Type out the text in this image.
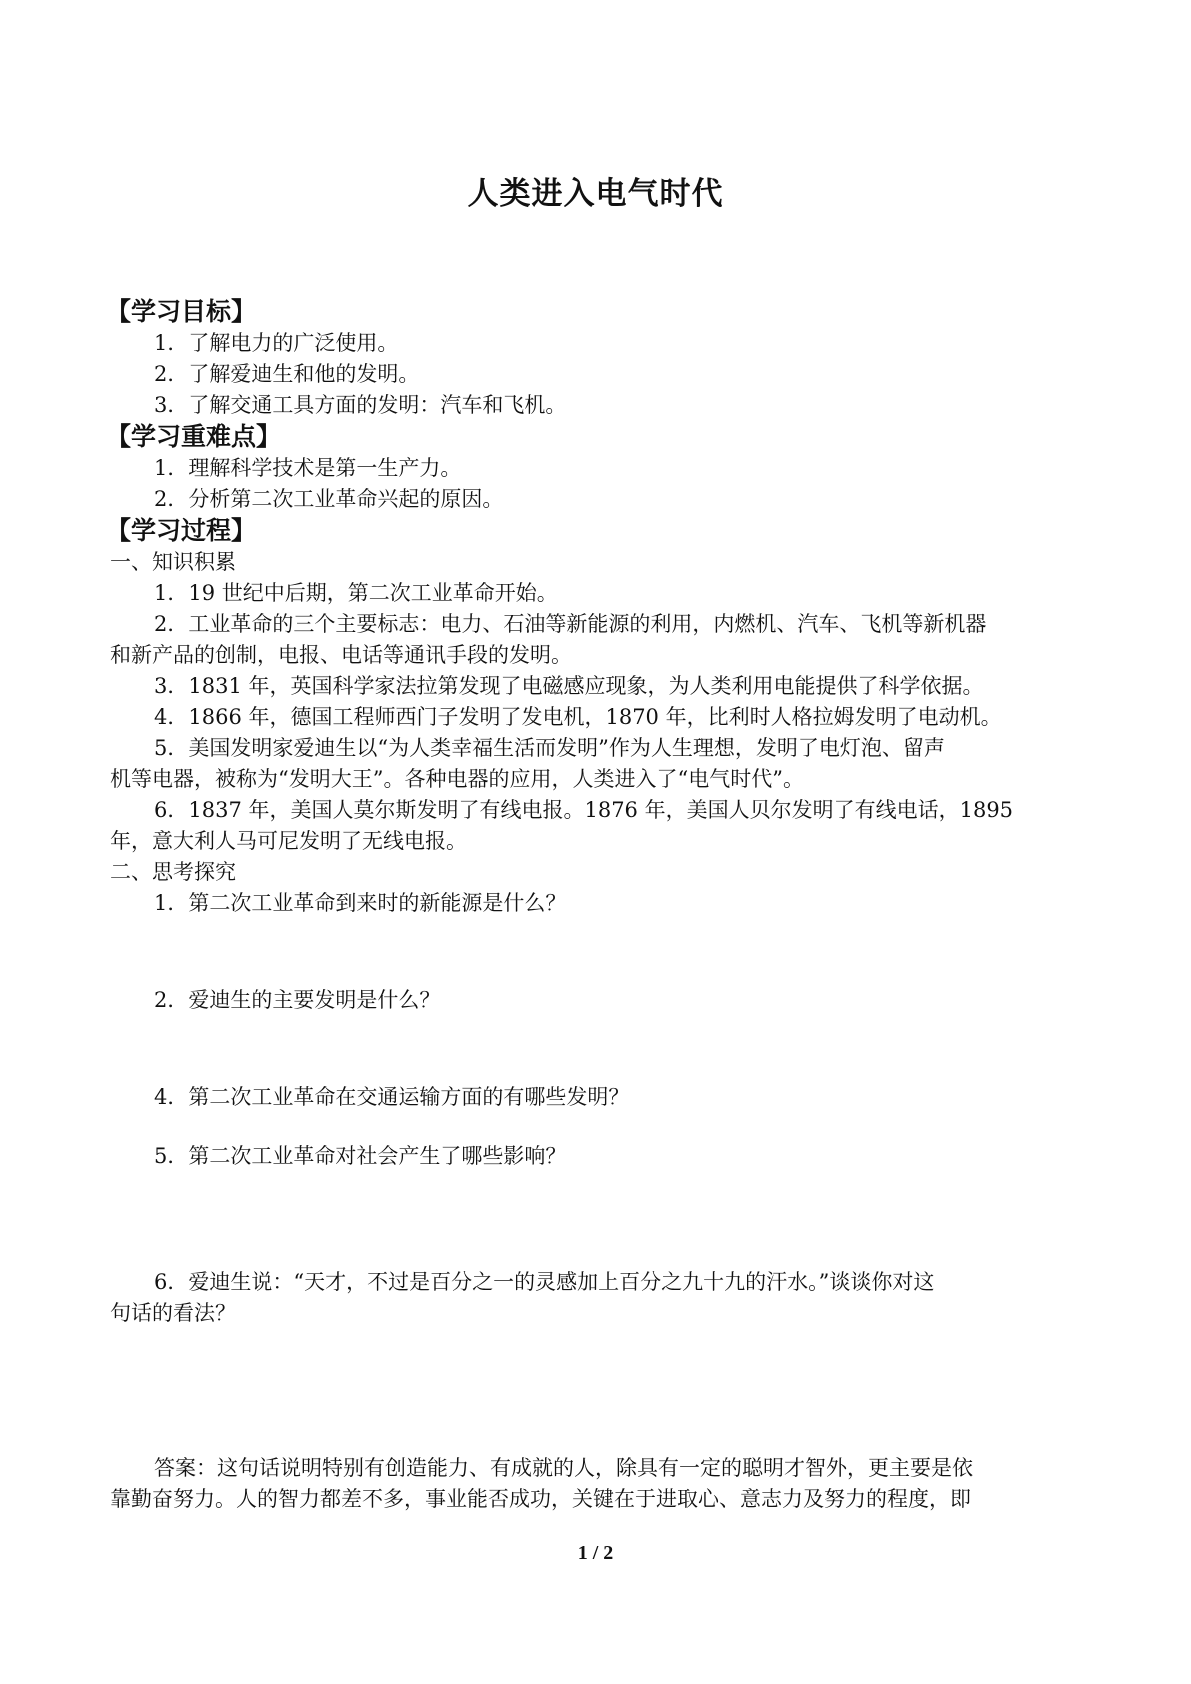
人类进入电气时代
【学习目标】
1．了解电力的广泛使用。
2．了解爱迪生和他的发明。
3．了解交通工具方面的发明：汽车和飞机。
【学习重难点】
1．理解科学技术是第一生产力。
2．分析第二次工业革命兴起的原因。
【学习过程】
一、知识积累
1．19 世纪中后期，第二次工业革命开始。
2．工业革命的三个主要标志：电力、石油等新能源的利用，内燃机、汽车、飞机等新机器
和新产品的创制，电报、电话等通讯手段的发明。
3．1831 年，英国科学家法拉第发现了电磁感应现象，为人类利用电能提供了科学依据。
4．1866 年，德国工程师西门子发明了发电机，1870 年，比利时人格拉姆发明了电动机。
5．美国发明家爱迪生以“为人类幸福生活而发明”作为人生理想，发明了电灯泡、留声
机等电器，被称为“发明大王”。各种电器的应用，人类进入了“电气时代”。
6．1837 年，美国人莫尔斯发明了有线电报。1876 年，美国人贝尔发明了有线电话，1895
年，意大利人马可尼发明了无线电报。
二、思考探究
1．第二次工业革命到来时的新能源是什么？
2．爱迪生的主要发明是什么？
4．第二次工业革命在交通运输方面的有哪些发明？
5．第二次工业革命对社会产生了哪些影响？
6．爱迪生说：“天才，不过是百分之一的灵感加上百分之九十九的汗水。”谈谈你对这
句话的看法？
答案：这句话说明特别有创造能力、有成就的人，除具有一定的聪明才智外，更主要是依
靠勤奋努力。人的智力都差不多，事业能否成功，关键在于进取心、意志力及努力的程度，即
1 / 2
